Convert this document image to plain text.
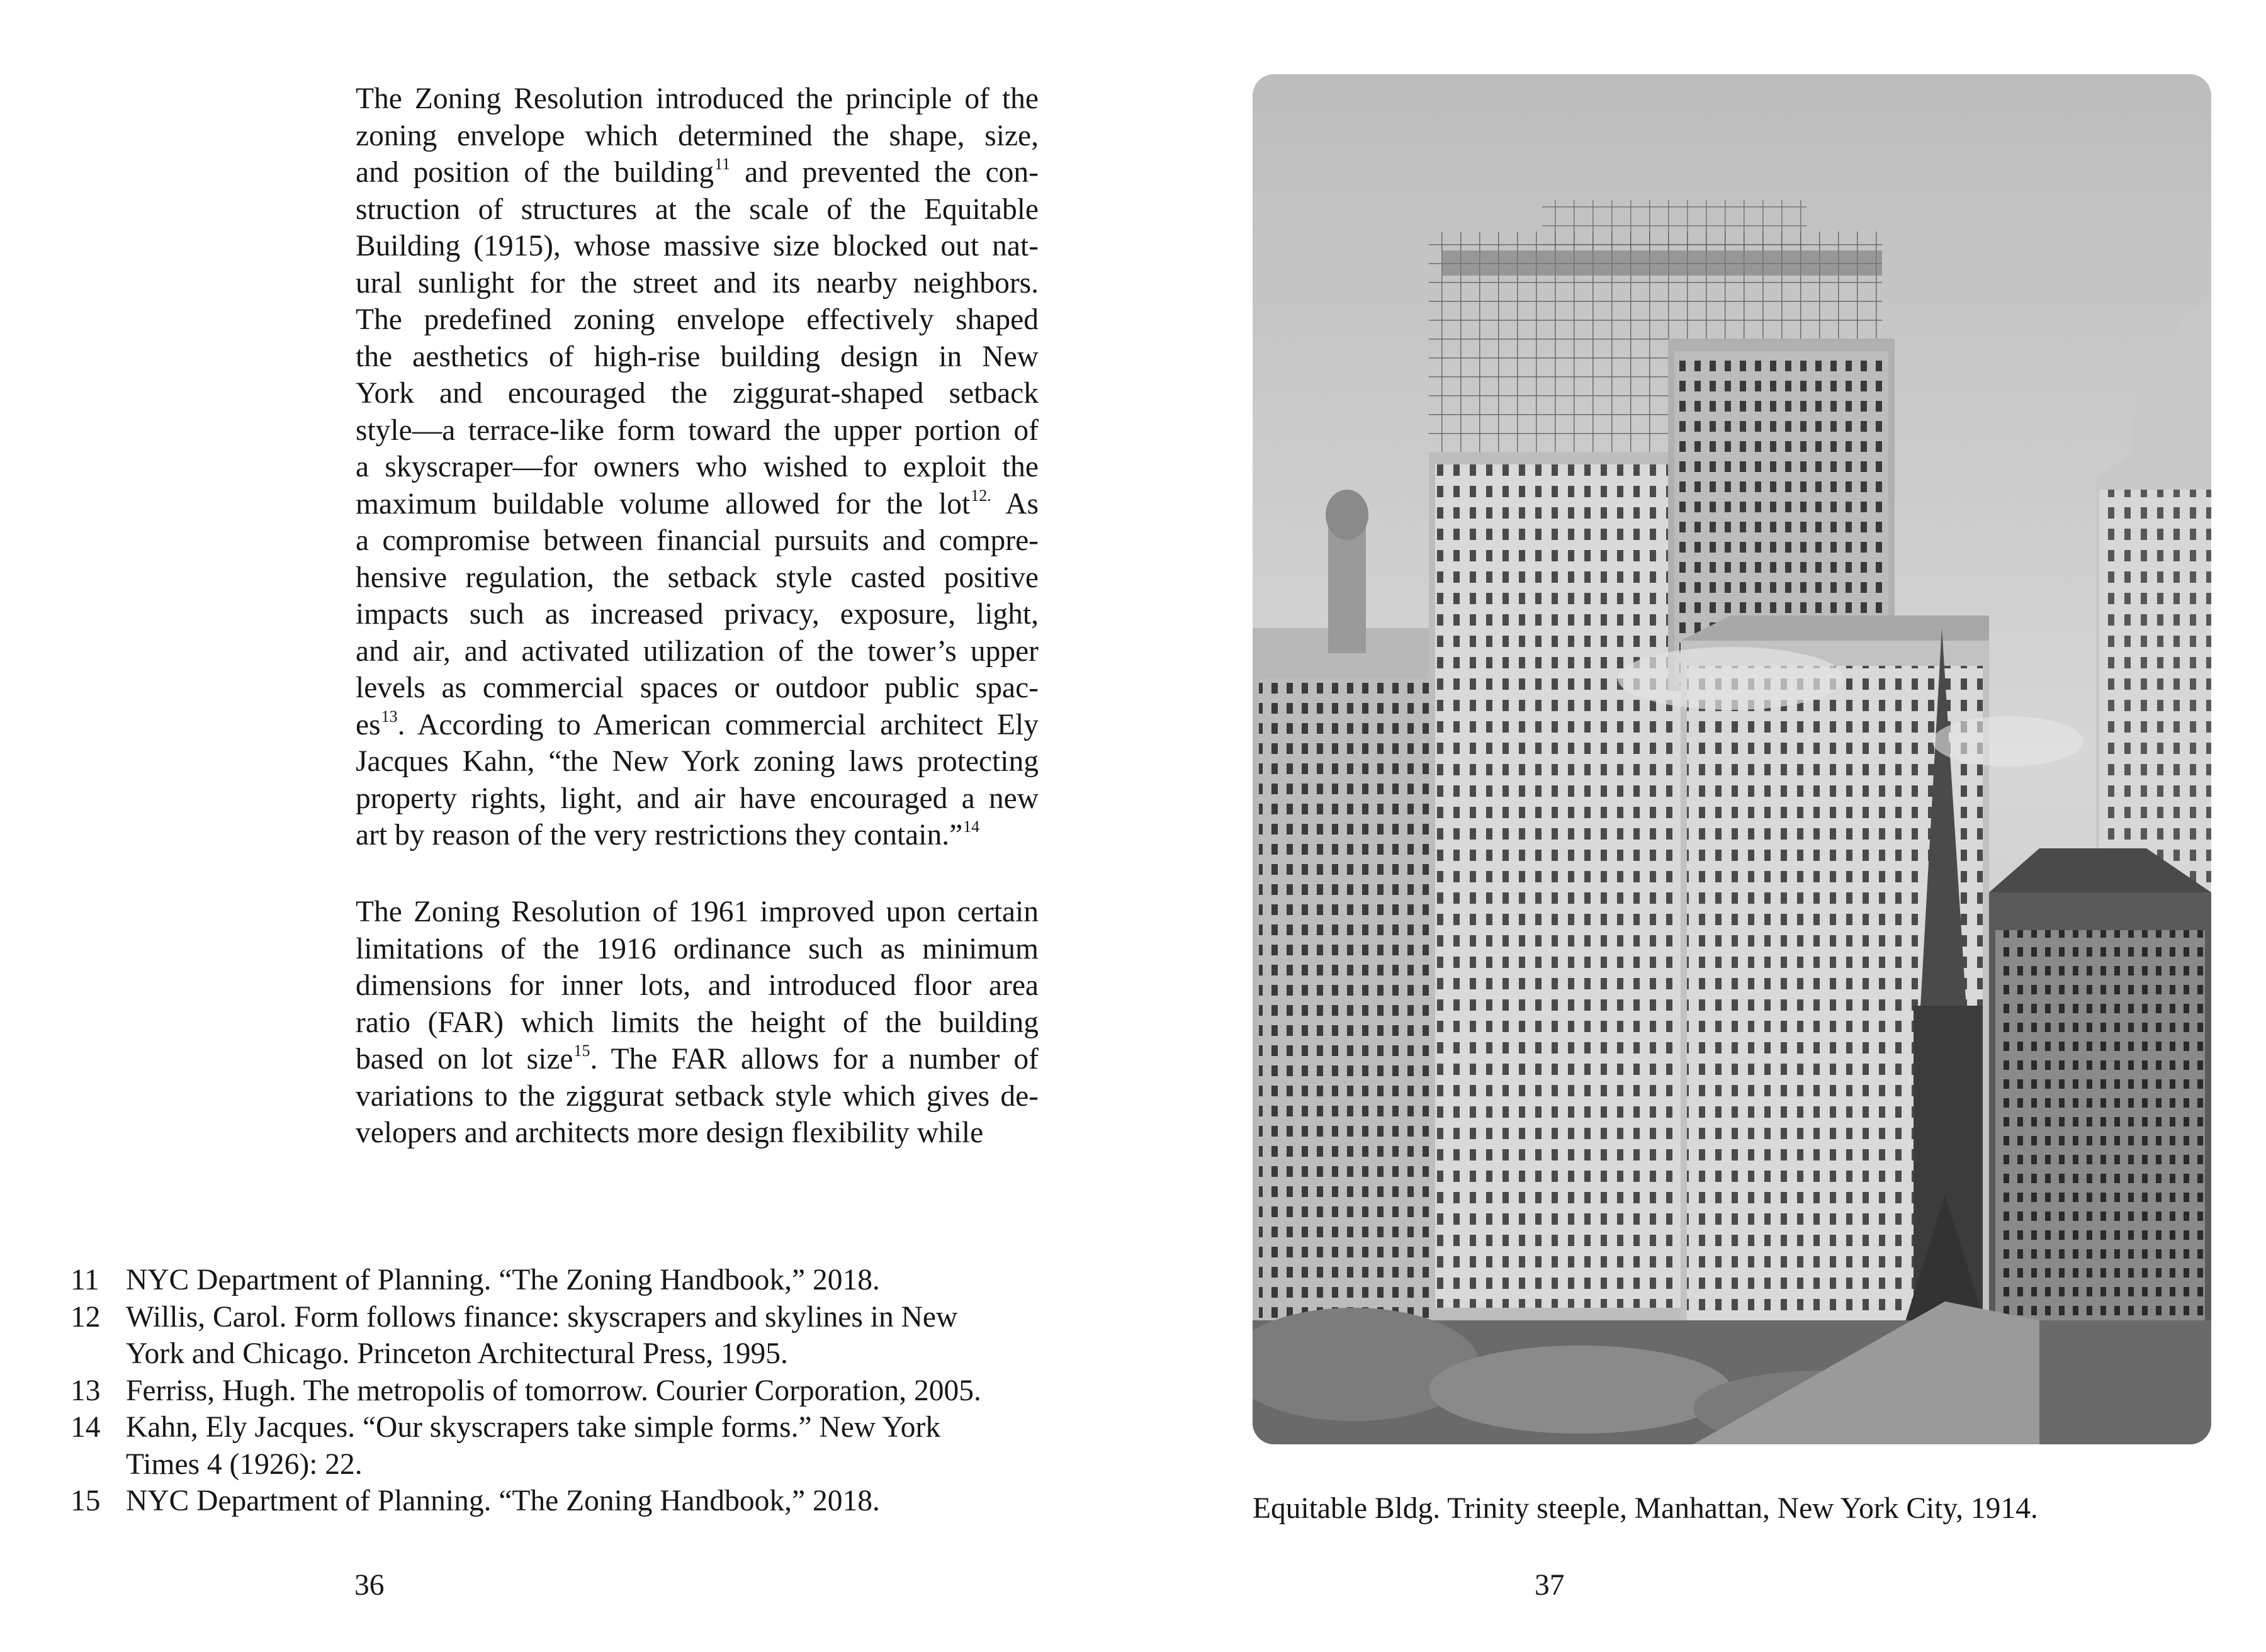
The Zoning Resolution introduced the principle of the
zoning envelope which determined the shape, size,
and position of the building$^{11}$ and prevented the con-
struction of structures at the scale of the Equitable
Building (1915), whose massive size blocked out nat-
ural sunlight for the street and its nearby neighbors.
The predefined zoning envelope effectively shaped
the aesthetics of high-rise building design in New
York and encouraged the ziggurat-shaped setback
style—a terrace-like form toward the upper portion of
a skyscraper—for owners who wished to exploit the
maximum buildable volume allowed for the lot$^{12.}$ As
a compromise between financial pursuits and compre-
hensive regulation, the setback style casted positive
impacts such as increased privacy, exposure, light,
and air, and activated utilization of the tower’s upper
levels as commercial spaces or outdoor public spac-
es$^{13}$. According to American commercial architect Ely
Jacques Kahn, “the New York zoning laws protecting
property rights, light, and air have encouraged a new
art by reason of the very restrictions they contain.”$^{14}$
The Zoning Resolution of 1961 improved upon certain
limitations of the 1916 ordinance such as minimum
dimensions for inner lots, and introduced floor area
ratio (FAR) which limits the height of the building
based on lot size$^{15}$. The FAR allows for a number of
variations to the ziggurat setback style which gives de-
velopers and architects more design flexibility while
11 NYC Department of Planning. “The Zoning Handbook,” 2018.
12 Willis, Carol. Form follows finance: skyscrapers and skylines in New
York and Chicago. Princeton Architectural Press, 1995.
13 Ferriss, Hugh. The metropolis of tomorrow. Courier Corporation, 2005.
14 Kahn, Ely Jacques. “Our skyscrapers take simple forms.” New York
Times 4 (1926): 22.
15 NYC Department of Planning. “The Zoning Handbook,” 2018.
36
Equitable Bldg. Trinity steeple, Manhattan, New York City, 1914.
37
